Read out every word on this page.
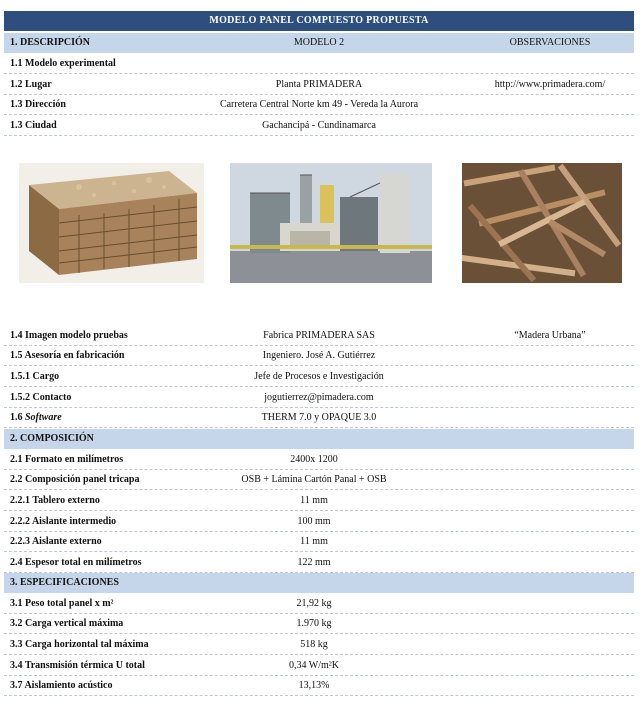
MODELO PANEL COMPUESTO PROPUESTA
1. DESCRIPCIÓN	MODELO 2	OBSERVACIONES
1.1 Modelo experimental
1.2 Lugar	Planta PRIMADERA	http://www.primadera.com/
1.3 Dirección	Carretera Central Norte km 49 - Vereda la Aurora
1.3 Ciudad	Gachancipá - Cundinamarca
1.4 Imagen modelo pruebas	Fabrica PRIMADERA SAS	“Madera Urbana”
1.5 Asesoría en fabricación	Ingeniero. José A. Gutiérrez
1.5.1 Cargo	Jefe de Procesos e Investigación
1.5.2 Contacto	jogutierrez@pimadera.com
1.6 Software	THERM 7.0 y OPAQUE 3.0
2. COMPOSICIÓN
2.1 Formato en milímetros	2400x 1200
2.2 Composición panel tricapa	OSB + Lámina Cartón Panal + OSB
2.2.1 Tablero externo	11 mm
2.2.2 Aislante intermedio	100 mm
2.2.3 Aislante externo	11 mm
2.4 Espesor total en milímetros	122 mm
3. ESPECIFICACIONES
3.1 Peso total panel x m²	21,92 kg
3.2 Carga vertical máxima	1.970 kg
3.3 Carga horizontal tal máxima	518 kg
3.4 Transmisión térmica U total	0,34 W/m²K
3.7 Aislamiento acústico	13,13%
